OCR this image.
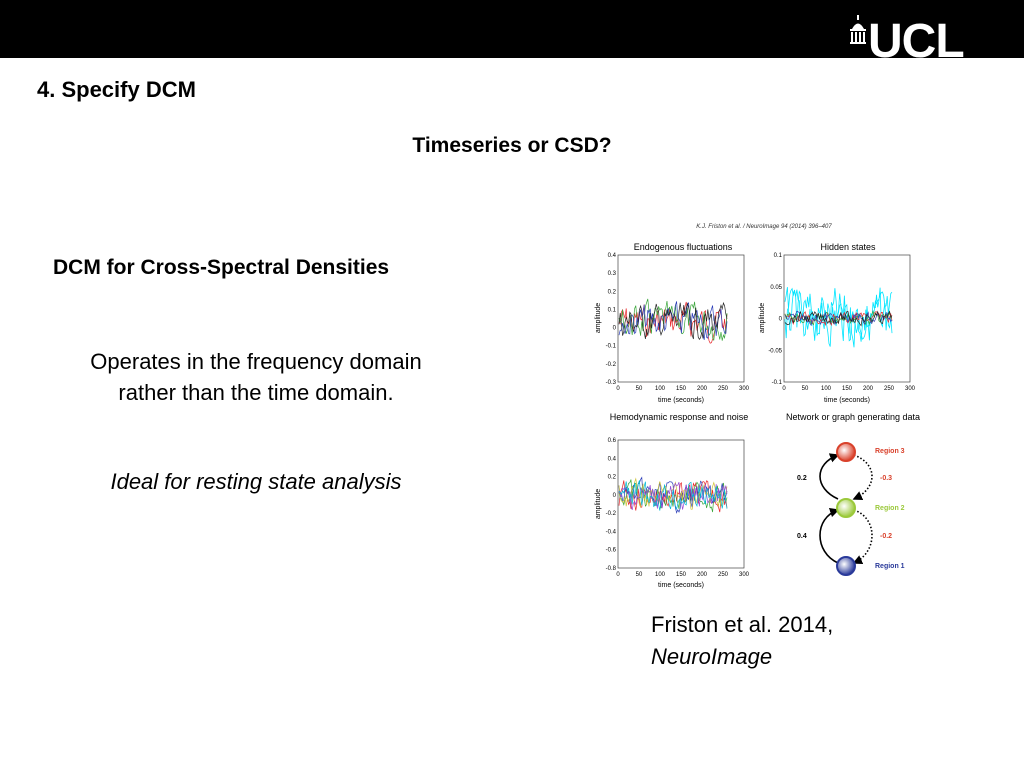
UCL
4. Specify DCM
Timeseries or CSD?
DCM for Cross-Spectral Densities
Operates in the frequency domain
rather than the time domain.
Ideal for resting state analysis
K.J. Friston et al. / NeuroImage 94 (2014) 396–407
Endogenous fluctuations
amplitude
time (seconds)
0.4
0.3
0.2
0.1
0
-0.1
-0.2
-0.3
0	50 100 150 200 250 300
Hidden states
amplitude
time (seconds)
0.1
0.05
0
-0.05
-0.1
0	50 100 150 200 250 300
Hemodynamic response and noise
amplitude
time (seconds)
0.6
0.4
0.2
0
-0.2
-0.4
-0.6
-0.8
0	50 100 150 200 250 300
Network or graph generating data
Region 3
Region 2
Region 1
0.2
0.4
-0.3
-0.2
Friston et al. 2014,
NeuroImage
